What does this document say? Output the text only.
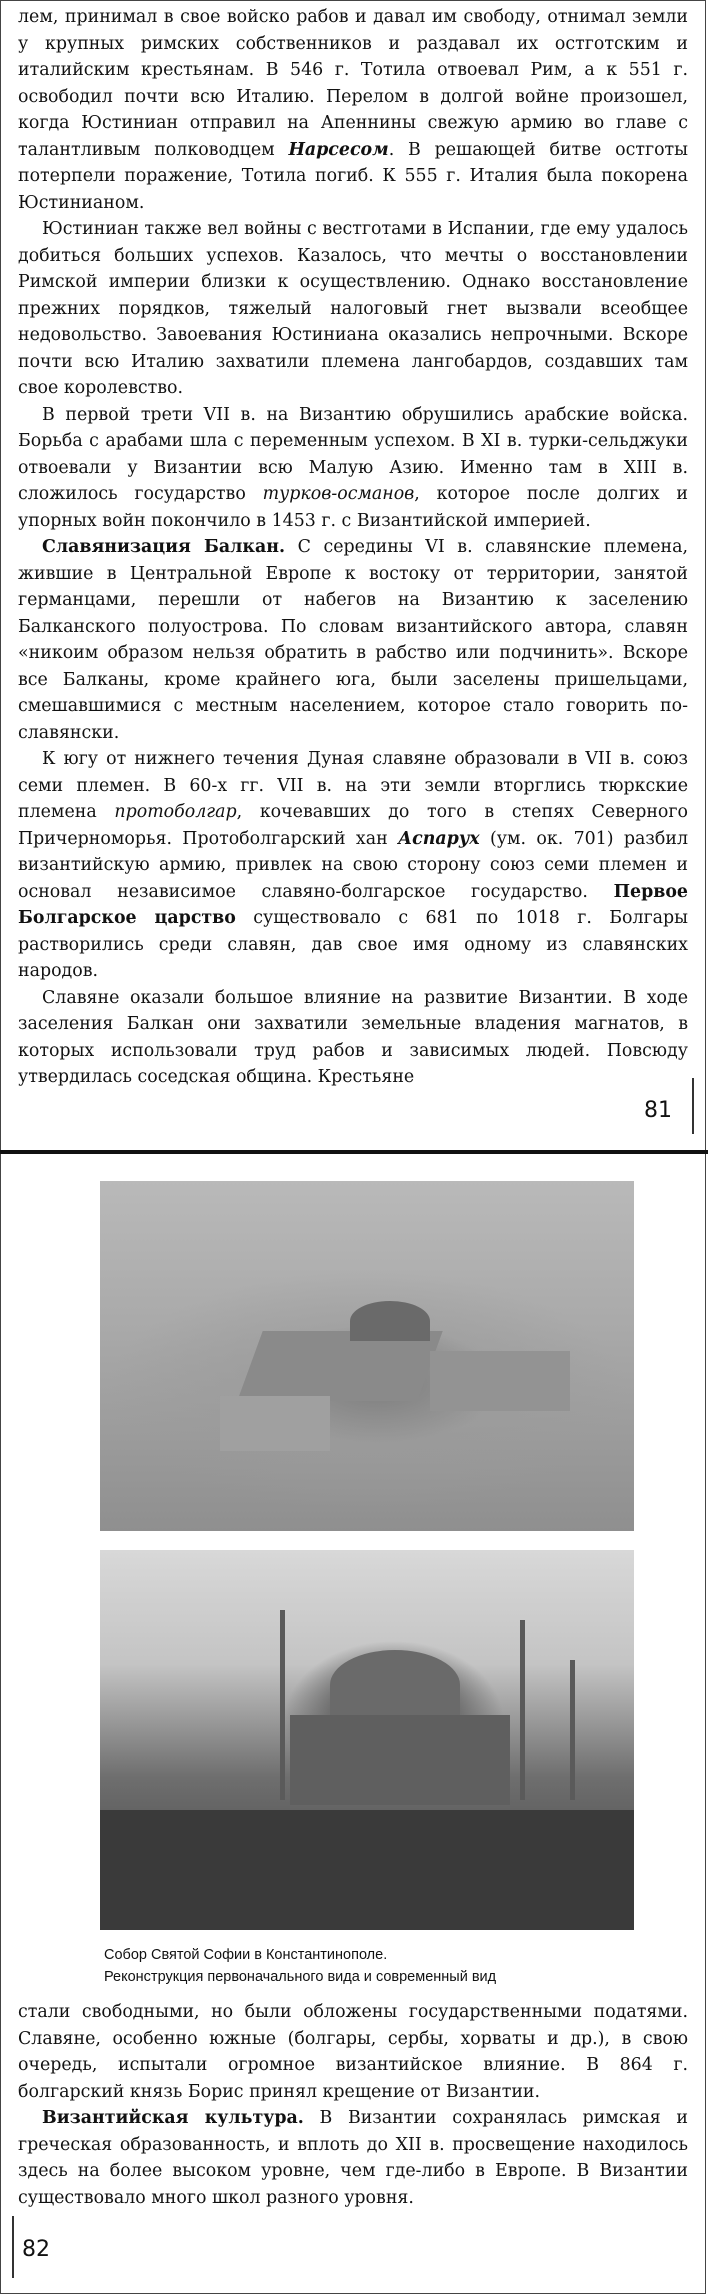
лем, принимал в свое войско рабов и давал им свободу, отнимал земли у крупных римских собственников и раздавал их остготским и италийским крестьянам. В 546 г. Тотила отвоевал Рим, а к 551 г. освободил почти всю Италию. Перелом в долгой войне произошел, когда Юстиниан отправил на Апеннины свежую армию во главе с талантливым полководцем Нарсесом. В решающей битве остготы потерпели поражение, Тотила погиб. К 555 г. Италия была покорена Юстинианом.

Юстиниан также вел войны с вестготами в Испании, где ему удалось добиться больших успехов. Казалось, что мечты о восстановлении Римской империи близки к осуществлению. Однако восстановление прежних порядков, тяжелый налоговый гнет вызвали всеобщее недовольство. Завоевания Юстиниана оказались непрочными. Вскоре почти всю Италию захватили племена лангобардов, создавших там свое королевство.

В первой трети VII в. на Византию обрушились арабские войска. Борьба с арабами шла с переменным успехом. В XI в. турки-сельджуки отвоевали у Византии всю Малую Азию. Именно там в XIII в. сложилось государство турков-османов, которое после долгих и упорных войн покончило в 1453 г. с Византийской империей.

Славянизация Балкан. С середины VI в. славянские племена, жившие в Центральной Европе к востоку от территории, занятой германцами, перешли от набегов на Византию к заселению Балканского полуострова. По словам византийского автора, славян «никоим образом нельзя обратить в рабство или подчинить». Вскоре все Балканы, кроме крайнего юга, были заселены пришельцами, смешавшимися с местным населением, которое стало говорить по-славянски.

К югу от нижнего течения Дуная славяне образовали в VII в. союз семи племен. В 60-х гг. VII в. на эти земли вторглись тюркские племена протоболгар, кочевавших до того в степях Северного Причерноморья. Протоболгарский хан Аспарух (ум. ок. 701) разбил византийскую армию, привлек на свою сторону союз семи племен и основал независимое славяно-болгарское государство. Первое Болгарское царство существовало с 681 по 1018 г. Болгары растворились среди славян, дав свое имя одному из славянских народов.

Славяне оказали большое влияние на развитие Византии. В ходе заселения Балкан они захватили земельные владения магнатов, в которых использовали труд рабов и зависимых людей. Повсюду утвердилась соседская община. Крестьяне

81
Собор Святой Софии в Константинополе.
Реконструкция первоначального вида и современный вид

стали свободными, но были обложены государственными податями. Славяне, особенно южные (болгары, сербы, хорваты и др.), в свою очередь, испытали огромное византийское влияние. В 864 г. болгарский князь Борис принял крещение от Византии.

Византийская культура. В Византии сохранялась римская и греческая образованность, и вплоть до XII в. просвещение находилось здесь на более высоком уровне, чем где-либо в Европе. В Византии существовало много школ разного уровня.

82
